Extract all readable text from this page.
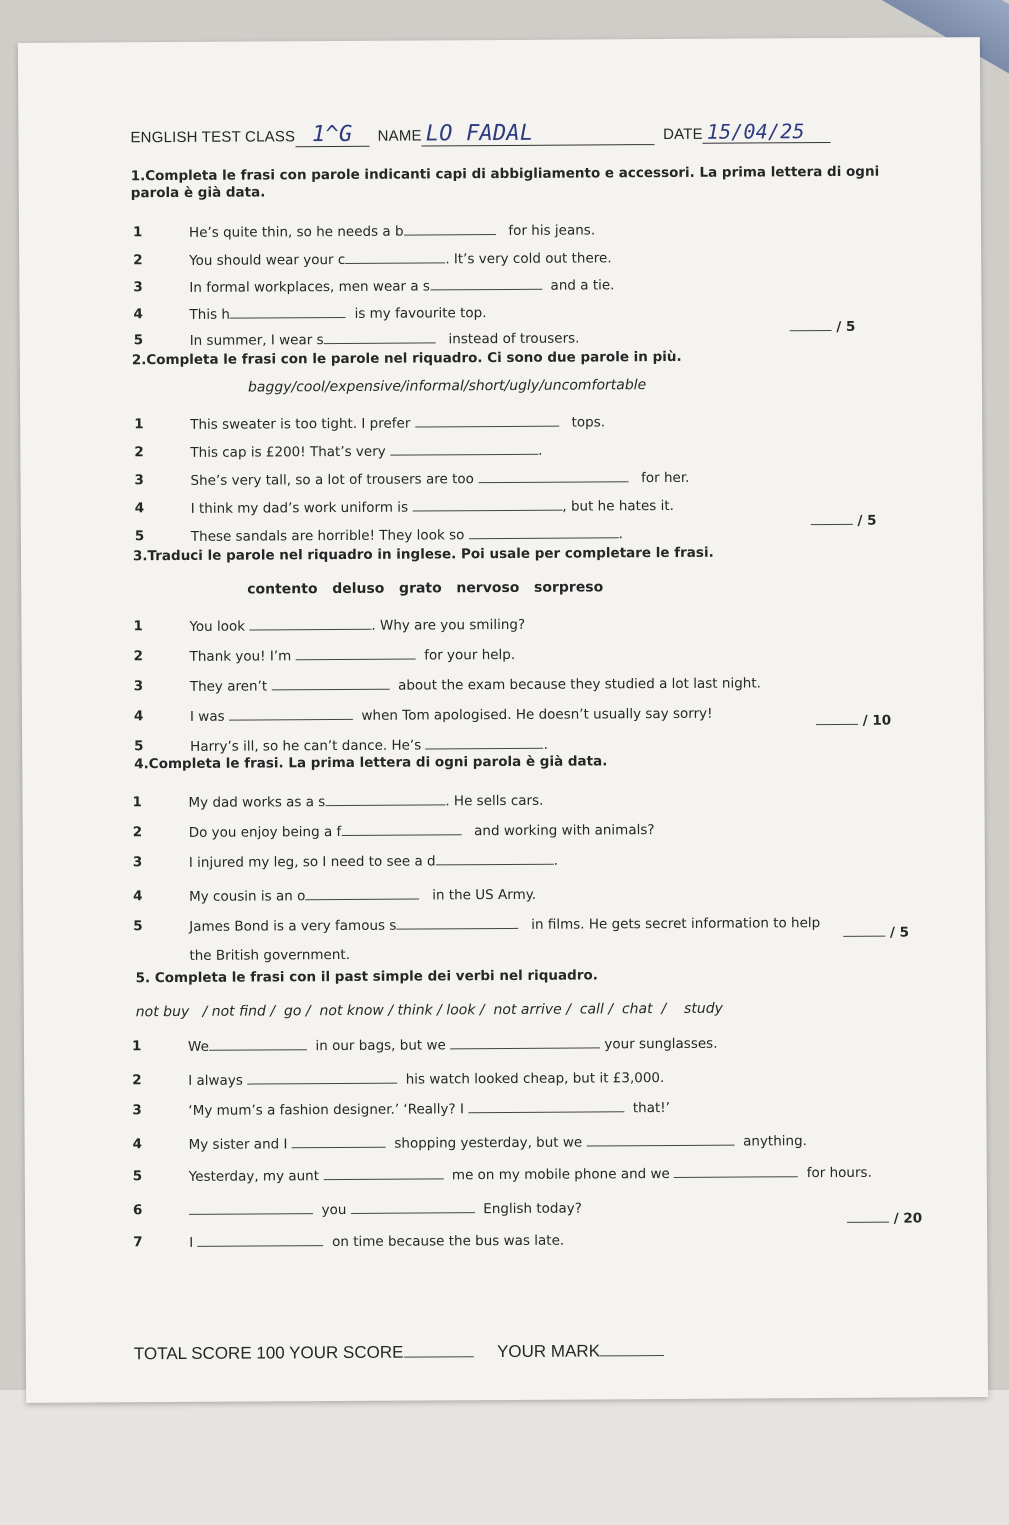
ENGLISH TEST CLASS 1^G NAME LO FADAL	DATE 15/04/25
1.Completa le frasi con parole indicanti capi di abbigliamento e accessori. La prima lettera di ogni parola è già data.
1	He’s quite thin, so he needs a b	for his jeans.
2	You should wear your c	. It’s very cold out there.
3	In formal workplaces, men wear a s	and a tie.
4	This h	is my favourite top.
5	In summer, I wear s	instead of trousers.
/ 5
2.Completa le frasi con le parole nel riquadro. Ci sono due parole in più.
baggy/cool/expensive/informal/short/ugly/uncomfortable
1	This sweater is too tight. I prefer	tops.
2	This cap is £200! That’s very	.
3	She’s very tall, so a lot of trousers are too	for her.
4	I think my dad’s work uniform is	, but he hates it.
5	These sandals are horrible! They look so	.
/ 5
3.Traduci le parole nel riquadro in inglese. Poi usale per completare le frasi.
contento   deluso   grato   nervoso   sorpreso
1	You look	. Why are you smiling?
2	Thank you! I’m	for your help.
3	They aren’t	about the exam because they studied a lot last night.
4	I was	when Tom apologised. He doesn’t usually say sorry!
5	Harry’s ill, so he can’t dance. He’s	.
/ 10
4.Completa le frasi. La prima lettera di ogni parola è già data.
1	My dad works as a s	. He sells cars.
2	Do you enjoy being a f	and working with animals?
3	I injured my leg, so I need to see a d	.
4	My cousin is an o	in the US Army.
5	James Bond is a very famous s	in films. He gets secret information to help
the British government.
/ 5
5. Completa le frasi con il past simple dei verbi nel riquadro.
not buy   / not find /  go /  not know / think / look /  not arrive /  call /  chat  /    study
1	We	in our bags, but we	your sunglasses.
2	I always	his watch looked cheap, but it £3,000.
3	‘My mum’s a fashion designer.’ ‘Really? I	that!’
4	My sister and I	shopping yesterday, but we	anything.
5	Yesterday, my aunt	me on my mobile phone and we	for hours.
6	you	English today?
7	I	on time because the bus was late.
/ 20
TOTAL SCORE 100 YOUR SCORE	YOUR MARK
